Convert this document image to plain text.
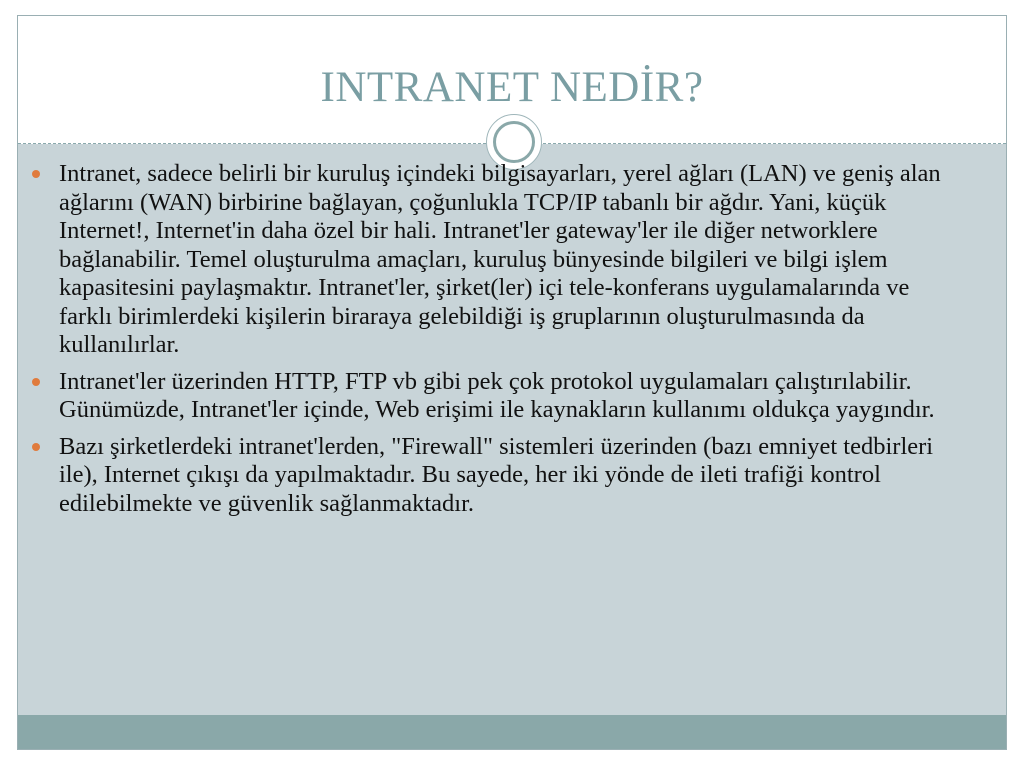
INTRANET NEDİR?
Intranet, sadece belirli bir kuruluş içindeki bilgisayarları, yerel ağları (LAN) ve geniş alan ağlarını (WAN) birbirine bağlayan, çoğunlukla TCP/IP tabanlı bir ağdır. Yani, küçük Internet!, Internet'in daha özel bir hali. Intranet'ler gateway'ler ile diğer networklere bağlanabilir. Temel oluşturulma amaçları, kuruluş bünyesinde bilgileri ve bilgi işlem kapasitesini paylaşmaktır. Intranet'ler, şirket(ler) içi tele-konferans uygulamalarında ve farklı birimlerdeki kişilerin biraraya gelebildiği iş gruplarının oluşturulmasında da kullanılırlar.
Intranet'ler üzerinden HTTP, FTP vb gibi pek çok protokol uygulamaları çalıştırılabilir. Günümüzde, Intranet'ler içinde, Web erişimi ile kaynakların kullanımı oldukça yaygındır.
Bazı şirketlerdeki intranet'lerden, "Firewall" sistemleri üzerinden (bazı emniyet tedbirleri ile), Internet çıkışı da yapılmaktadır. Bu sayede, her iki yönde de ileti trafiği kontrol edilebilmekte ve güvenlik sağlanmaktadır.
